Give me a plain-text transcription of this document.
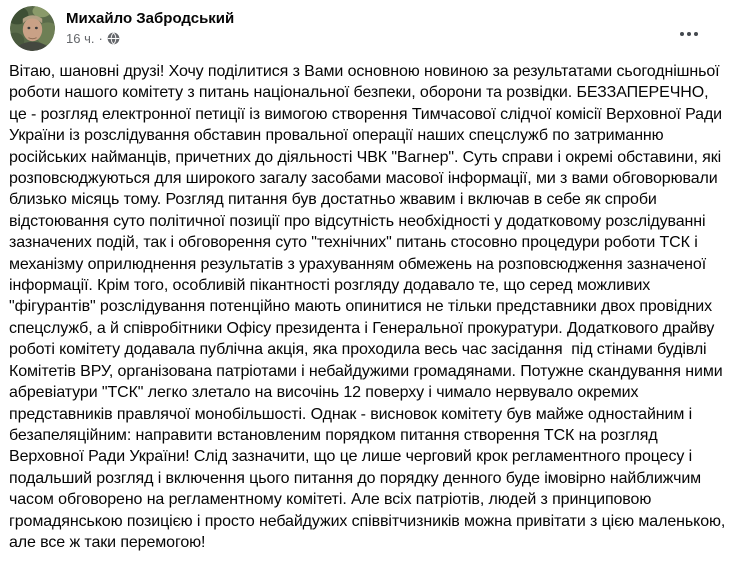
Михайло Забродський
16 ч. ·
Вітаю, шановні друзі! Хочу поділитися з Вами основною новиною за результатами сьогоднішньої роботи нашого комітету з питань національної безпеки, оборони та розвідки. БЕЗЗАПЕРЕЧНО, це - розгляд електронної петиції із вимогою створення Тимчасової слідчої комісії Верховної Ради України із розслідування обставин провальної операції наших спецслужб по затриманню російських найманців, причетних до діяльності ЧВК "Вагнер". Суть справи і окремі обставини, які розповсюджуються для широкого загалу засобами масової інформації, ми з вами обговорювали близько місяць тому. Розгляд питання був достатньо жвавим і включав в себе як спроби відстоювання суто політичної позиції про відсутність необхідності у додатковому розслідуванні зазначених подій, так і обговорення суто "технічних" питань стосовно процедури роботи ТСК і механізму оприлюднення результатів з урахуванням обмежень на розповсюдження зазначеної інформації. Крім того, особливій пікантності розгляду додавало те, що серед можливих "фігурантів" розслідування потенційно мають опинитися не тільки представники двох провідних спецслужб, а й співробітники Офісу президента і Генеральної прокуратури. Додаткового драйву роботі комітету додавала публічна акція, яка проходила весь час засідання  під стінами будівлі Комітетів ВРУ, організована патріотами і небайдужими громадянами. Потужне скандування ними абревіатури "ТСК" легко злетало на височінь 12 поверху і чимало нервувало окремих представників правлячої монобільшості. Однак - висновок комітету був майже одностайним і безапеляційним: направити встановленим порядком питання створення ТСК на розгляд Верховної Ради України! Слід зазначити, що це лише черговий крок регламентного процесу і подальший розгляд і включення цього питання до порядку денного буде імовірно найближчим часом обговорено на регламентному комітеті. Але всіх патріотів, людей з принциповою громадянською позицією і просто небайдужих співвітчизників можна привітати з цією маленькою, але все ж таки перемогою!
